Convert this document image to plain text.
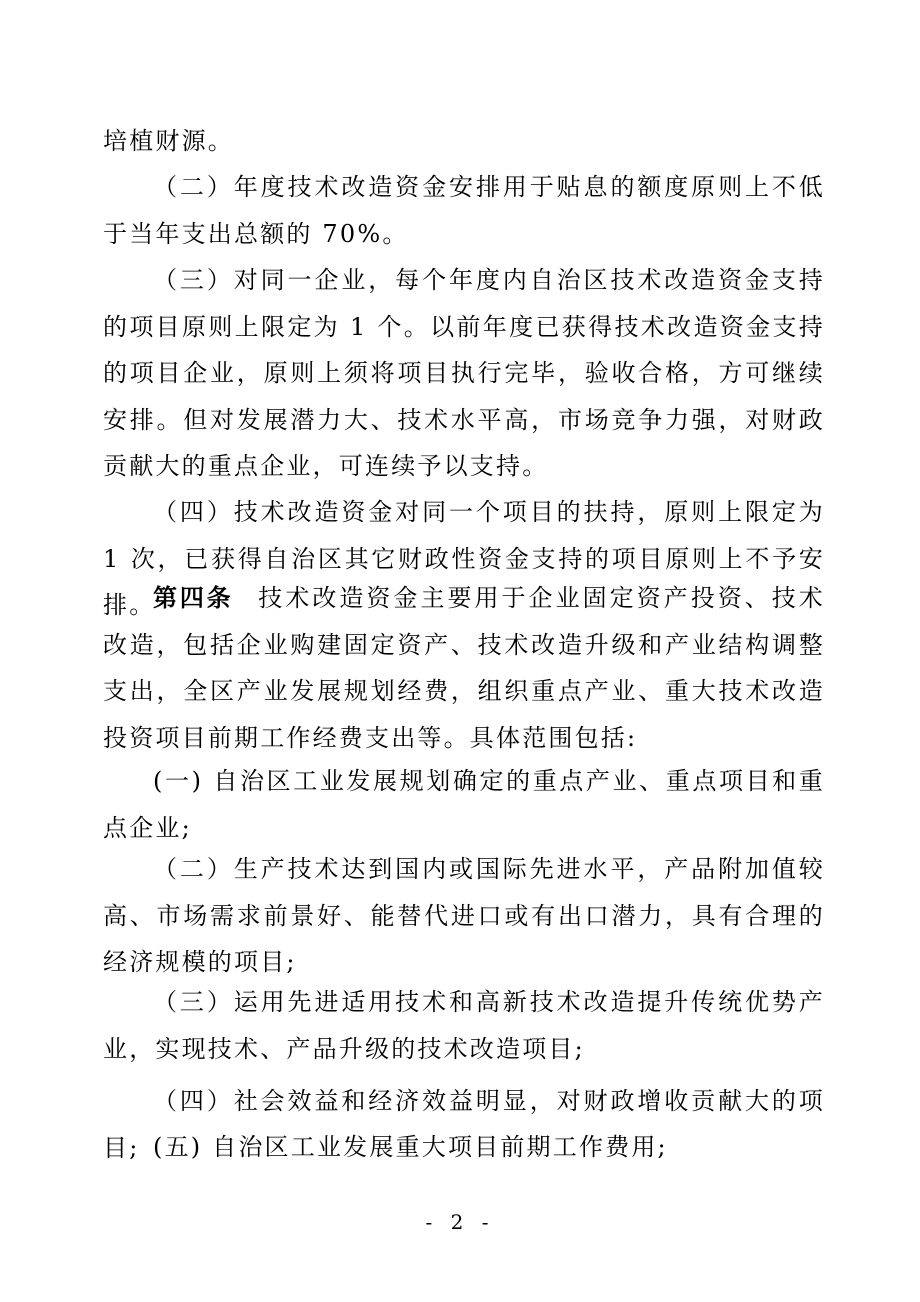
培植财源。

（二）年度技术改造资金安排用于贴息的额度原则上不低于当年支出总额的 70%。

（三）对同一企业，每个年度内自治区技术改造资金支持的项目原则上限定为 1 个。以前年度已获得技术改造资金支持的项目企业，原则上须将项目执行完毕，验收合格，方可继续安排。但对发展潜力大、技术水平高，市场竞争力强，对财政贡献大的重点企业，可连续予以支持。

（四）技术改造资金对同一个项目的扶持，原则上限定为 1 次，已获得自治区其它财政性资金支持的项目原则上不予安排。

第四条 技术改造资金主要用于企业固定资产投资、技术改造，包括企业购建固定资产、技术改造升级和产业结构调整支出，全区产业发展规划经费，组织重点产业、重大技术改造投资项目前期工作经费支出等。具体范围包括:

(一) 自治区工业发展规划确定的重点产业、重点项目和重点企业;

（二）生产技术达到国内或国际先进水平，产品附加值较高、市场需求前景好、能替代进口或有出口潜力，具有合理的经济规模的项目;

（三）运用先进适用技术和高新技术改造提升传统优势产业，实现技术、产品升级的技术改造项目;

（四）社会效益和经济效益明显，对财政增收贡献大的项目; (五) 自治区工业发展重大项目前期工作费用;

- 2 -
